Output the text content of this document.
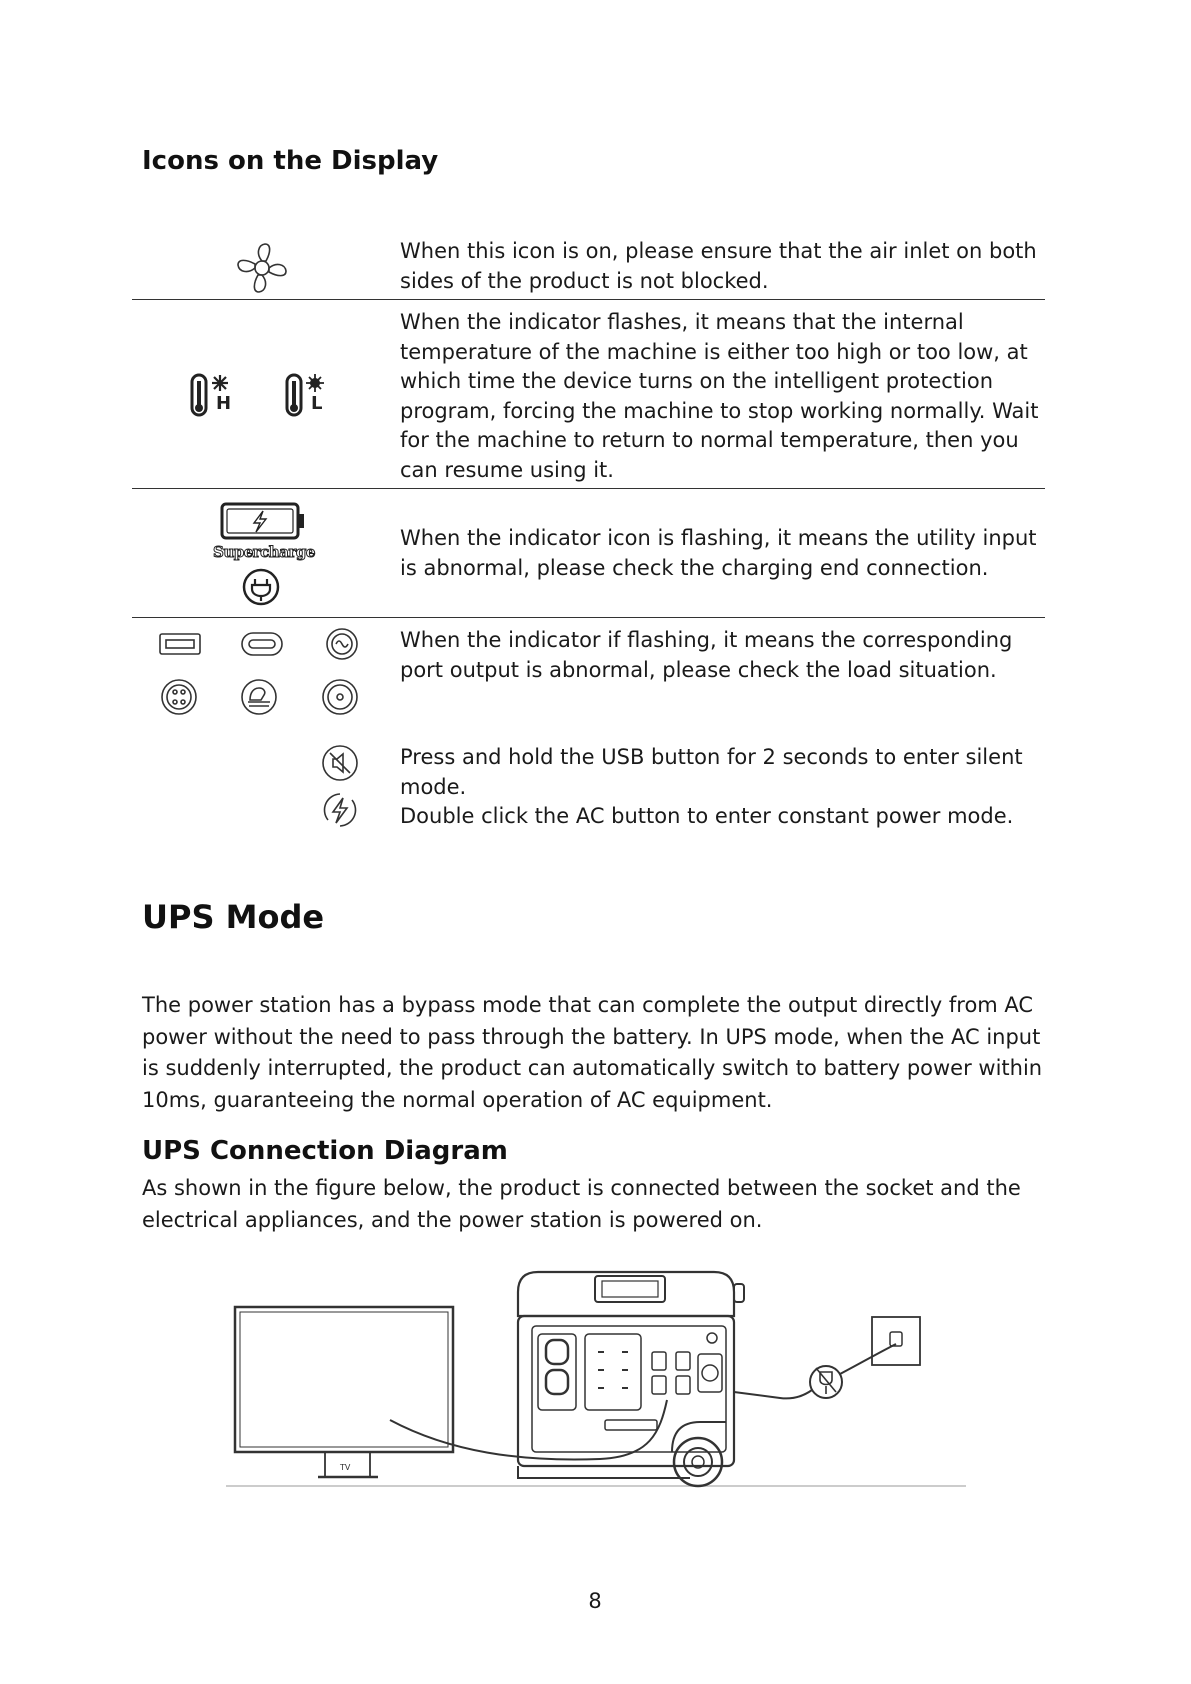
Icons on the Display
When this icon is on, please ensure that the air inlet on both sides of the product is not blocked.
H	L
When the indicator flashes, it means that the internal temperature of the machine is either too high or too low, at which time the device turns on the intelligent protection program, forcing the machine to stop working normally. Wait for the machine to return to normal temperature, then you can resume using it.
Supercharge
When the indicator icon is flashing, it means the utility input is abnormal, please check the charging end connection.
When the indicator if flashing, it means the corresponding port output is abnormal, please check the load situation.
Press and hold the USB button for 2 seconds to enter silent mode.
Double click the AC button to enter constant power mode.
UPS Mode

The power station has a bypass mode that can complete the output directly from AC power without the need to pass through the battery. In UPS mode, when the AC input is suddenly interrupted, the product can automatically switch to battery power within 10ms, guaranteeing the normal operation of AC equipment.

UPS Connection Diagram

As shown in the figure below, the product is connected between the socket and the electrical appliances, and the power station is powered on.

TV
8
